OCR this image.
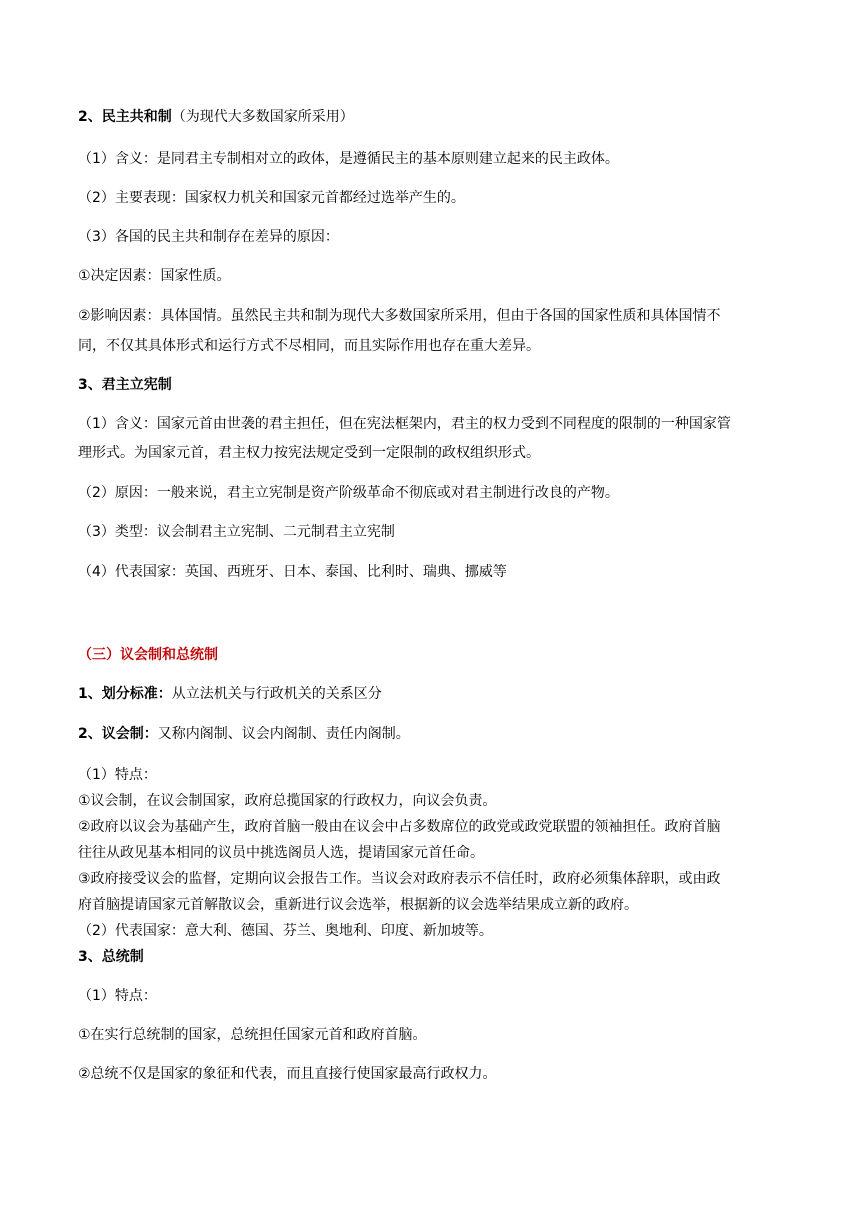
2、民主共和制（为现代大多数国家所采用）
（1）含义：是同君主专制相对立的政体，是遵循民主的基本原则建立起来的民主政体。
（2）主要表现：国家权力机关和国家元首都经过选举产生的。
（3）各国的民主共和制存在差异的原因：
①决定因素：国家性质。
②影响因素：具体国情。虽然民主共和制为现代大多数国家所采用，但由于各国的国家性质和具体国情不
同，不仅其具体形式和运行方式不尽相同，而且实际作用也存在重大差异。
3、君主立宪制
（1）含义：国家元首由世袭的君主担任，但在宪法框架内，君主的权力受到不同程度的限制的一种国家管
理形式。为国家元首，君主权力按宪法规定受到一定限制的政权组织形式。
（2）原因：一般来说，君主立宪制是资产阶级革命不彻底或对君主制进行改良的产物。
（3）类型：议会制君主立宪制、二元制君主立宪制
（4）代表国家：英国、西班牙、日本、泰国、比利时、瑞典、挪威等
（三）议会制和总统制
1、划分标准：从立法机关与行政机关的关系区分
2、议会制：又称内阁制、议会内阁制、责任内阁制。
（1）特点：
①议会制，在议会制国家，政府总揽国家的行政权力，向议会负责。
②政府以议会为基础产生，政府首脑一般由在议会中占多数席位的政党或政党联盟的领袖担任。政府首脑
往往从政见基本相同的议员中挑选阁员人选，提请国家元首任命。
③政府接受议会的监督，定期向议会报告工作。当议会对政府表示不信任时，政府必须集体辞职，或由政
府首脑提请国家元首解散议会，重新进行议会选举，根据新的议会选举结果成立新的政府。
（2）代表国家：意大利、德国、芬兰、奥地利、印度、新加坡等。
3、总统制
（1）特点：
①在实行总统制的国家，总统担任国家元首和政府首脑。
②总统不仅是国家的象征和代表，而且直接行使国家最高行政权力。
